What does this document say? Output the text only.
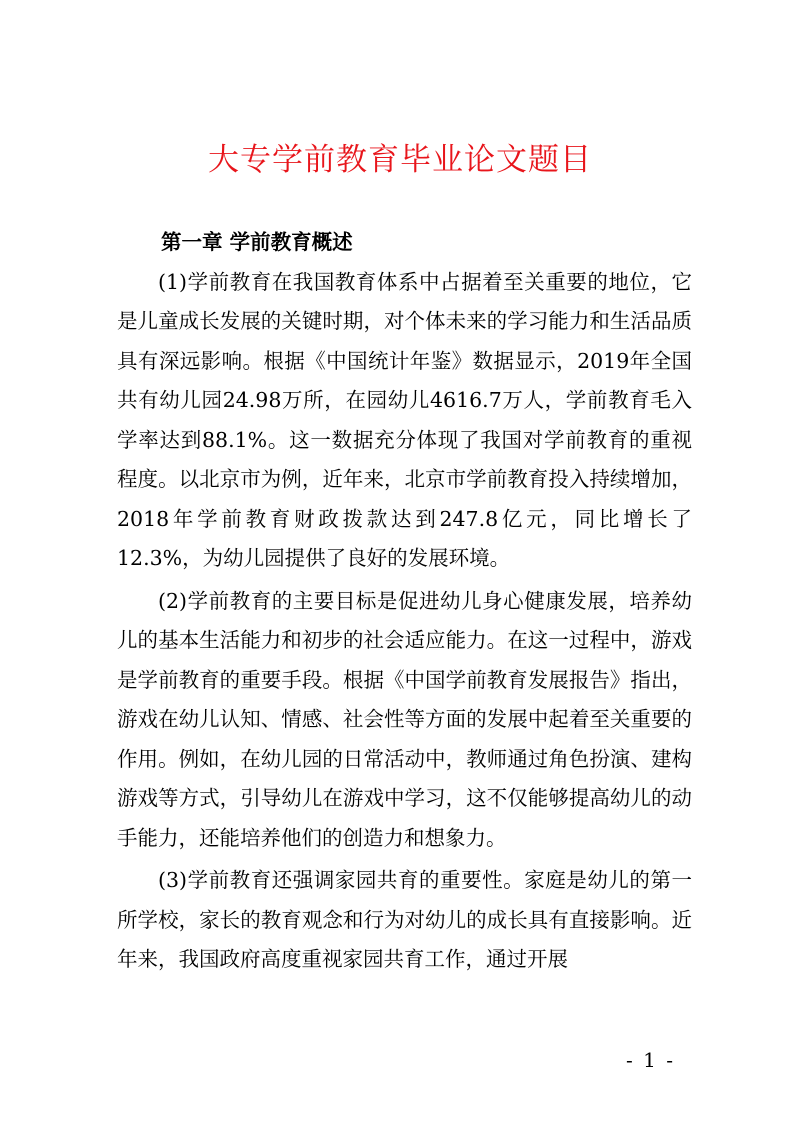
大专学前教育毕业论文题目

第一章 学前教育概述

(1)学前教育在我国教育体系中占据着至关重要的地位，它是儿童成长发展的关键时期，对个体未来的学习能力和生活品质具有深远影响。根据《中国统计年鉴》数据显示，2019年全国共有幼儿园24.98万所，在园幼儿4616.7万人，学前教育毛入学率达到88.1%。这一数据充分体现了我国对学前教育的重视程度。以北京市为例，近年来，北京市学前教育投入持续增加，2018年学前教育财政拨款达到247.8亿元，同比增长了12.3%，为幼儿园提供了良好的发展环境。

(2)学前教育的主要目标是促进幼儿身心健康发展，培养幼儿的基本生活能力和初步的社会适应能力。在这一过程中，游戏是学前教育的重要手段。根据《中国学前教育发展报告》指出，游戏在幼儿认知、情感、社会性等方面的发展中起着至关重要的作用。例如，在幼儿园的日常活动中，教师通过角色扮演、建构游戏等方式，引导幼儿在游戏中学习，这不仅能够提高幼儿的动手能力，还能培养他们的创造力和想象力。

(3)学前教育还强调家园共育的重要性。家庭是幼儿的第一所学校，家长的教育观念和行为对幼儿的成长具有直接影响。近年来，我国政府高度重视家园共育工作，通过开展

- 1 -
